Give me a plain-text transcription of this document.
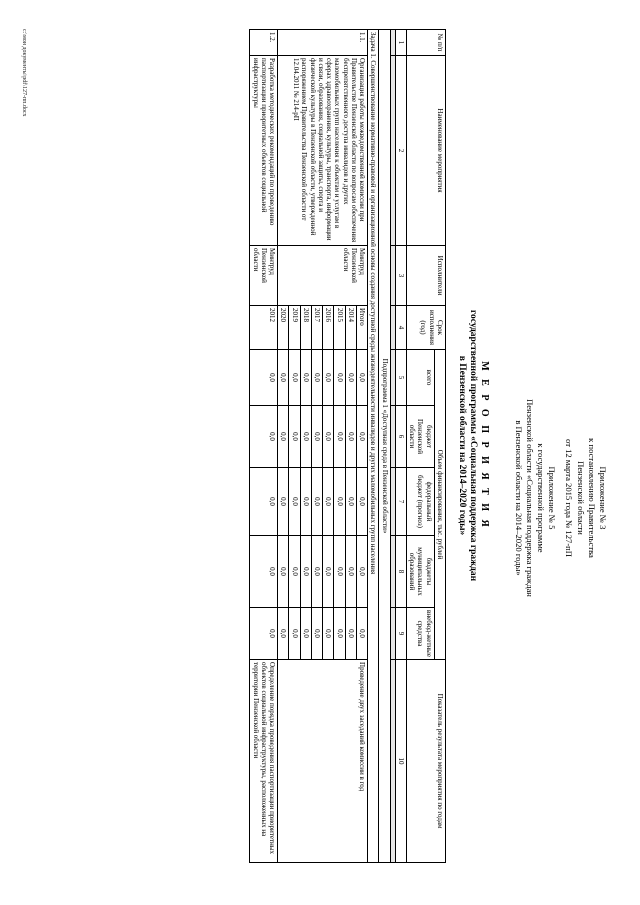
Приложение № 3
к постановлению Правительства
Пензенской области
от 12 марта 2015 года № 127-пП
Приложение № 5
к государственной программе
Пензенской области «Социальная поддержка граждан
в Пензенской области на 2014–2020 годы»
М Е Р О П Р И Я Т И Я
государственной программы «Социальная поддержка граждан
в Пензенской области на 2014–2020 годы»
№ п/п	Наименование мероприятия	Исполнители	Срок исполнения (год)	Объем финансирования, тыс. рублей					Показатель результата мероприятия по годам
				всего	бюджет Пензенской области	федеральный бюджет (прогноз)	бюджеты муниципальных образований	внебюд-жетные средства	
1	2	3	4	5	6	7	8	9	10

Подпрограмма 1 «Доступная среда в Пензенской области»									
Задача 1. Совершенствование нормативно-правовой и организационной основы создания доступной среды жизнедеятельности инвалидов и других маломобильных групп населения									
1.1.	Организация работы межведомственной комиссии при Правительстве Пензенской области по вопросам обеспечения беспрепятственного доступа инвалидов и других маломобильных групп населения к объектам и услугам в сферах здравоохранения, культуры, транспорта, информации и связи, образования, социальной защиты, спорта и физической культуры в Пензенской области, утвержденной распоряжением Правительства Пензенской области от 12.04.2011 № 214-рП	Минтруд Пензенской области	Итого	0,0	0,0	0,0	0,0	0,0	Проведение двух заседаний комиссии в год
			2014	0,0	0,0	0,0	0,0	0,0	
			2015	0,0	0,0	0,0	0,0	0,0	
			2016	0,0	0,0	0,0	0,0	0,0	
			2017	0,0	0,0	0,0	0,0	0,0	
			2018	0,0	0,0	0,0	0,0	0,0	
			2019	0,0	0,0	0,0	0,0	0,0	
			2020	0,0	0,0	0,0	0,0	0,0	
1.2.	Разработка методических рекомендаций по проведению паспортизации приоритетных объектов социальной инфраструктуры	Минтруд Пензенской области	2012	0,0	0,0	0,0	0,0	0,0	Определение порядка проведения паспортизации приоритетных объектов социальной инфраструктуры, расположенных на территории Пензенской области
c:\мои документы\pdf\127-пп.docx
